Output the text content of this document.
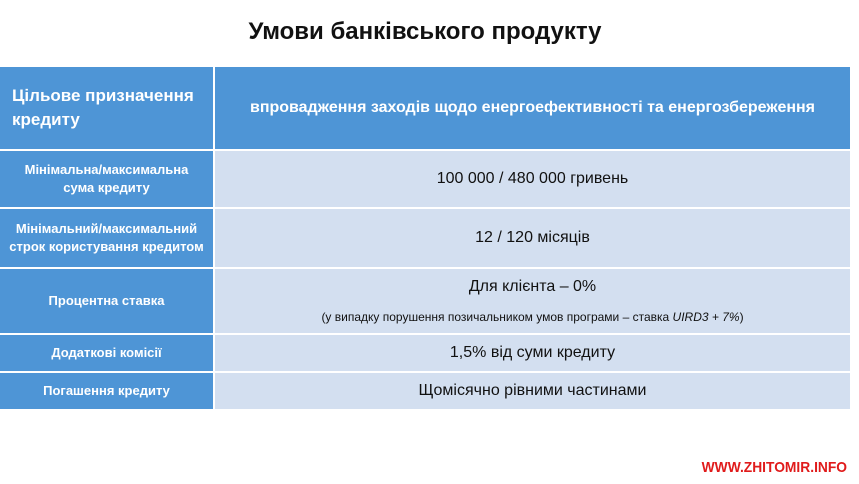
Умови банківського продукту
Цільове призначення кредиту	впровадження заходів щодо енергоефективності та енергозбереження
Мінімальна/максимальна сума кредиту	100 000 / 480 000 гривень
Мінімальний/максимальний строк користування кредитом	12 / 120 місяців
Процентна ставка	Для клієнта – 0%
(у випадку порушення позичальником умов програми – ставка UIRD3 + 7%)

Додаткові комісії	1,5% від суми кредиту
Погашення кредиту	Щомісячно рівними частинами
WWW.ZHITOMIR.INFO
